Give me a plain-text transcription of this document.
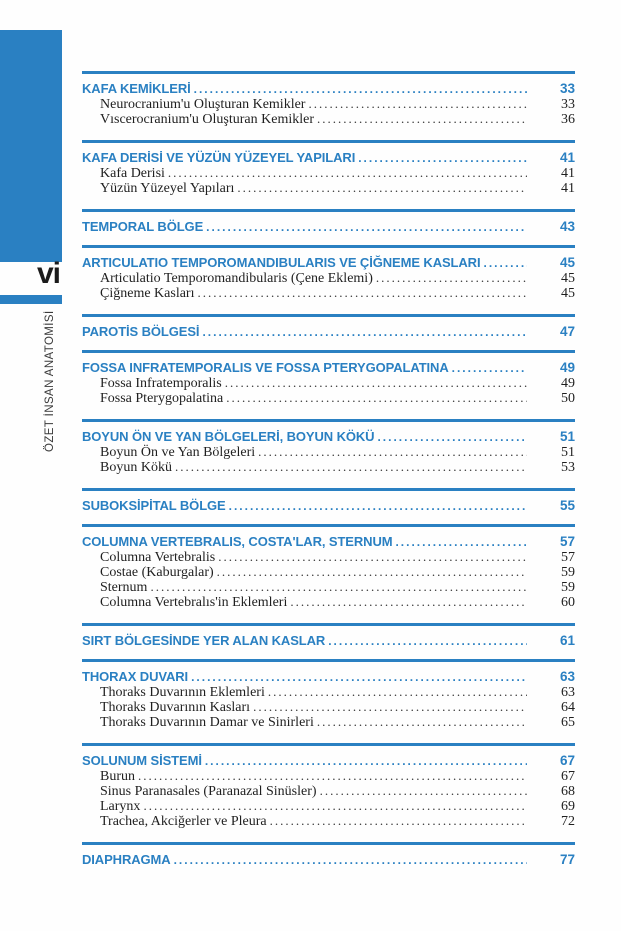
vi
ÖZET İNSAN ANATOMİSİ
KAFA KEMİKLERİ .....	33
Neurocranium'u Oluşturan Kemikler .....	33
Vıscerocranium'u Oluşturan Kemikler .....	36
KAFA DERİSİ VE YÜZÜN YÜZEYEL YAPILARI .....	41
Kafa Derisi .....	41
Yüzün Yüzeyel Yapıları .....	41
TEMPORAL BÖLGE .....	43
ARTICULATIO TEMPOROMANDIBULARIS VE ÇİĞNEME KASLARI .....	45
Articulatio Temporomandibularis (Çene Eklemi) .....	45
Çiğneme Kasları .....	45
PAROTİS BÖLGESİ .....	47
FOSSA INFRATEMPORALIS VE FOSSA PTERYGOPALATINA .....	49
Fossa Infratemporalis .....	49
Fossa Pterygopalatina .....	50
BOYUN ÖN VE YAN BÖLGELERİ, BOYUN KÖKÜ .....	51
Boyun Ön ve Yan Bölgeleri .....	51
Boyun Kökü .....	53
SUBOKSİPİTAL BÖLGE .....	55
COLUMNA VERTEBRALIS, COSTA'LAR, STERNUM .....	57
Columna Vertebralis .....	57
Costae (Kaburgalar) .....	59
Sternum .....	59
Columna Vertebralıs'in Eklemleri .....	60
SIRT BÖLGESİNDE YER ALAN KASLAR .....	61
THORAX DUVARI .....	63
Thoraks Duvarının Eklemleri .....	63
Thoraks Duvarının Kasları .....	64
Thoraks Duvarının Damar ve Sinirleri .....	65
SOLUNUM SİSTEMİ .....	67
Burun .....	67
Sinus Paranasales (Paranazal Sinüsler) .....	68
Larynx .....	69
Trachea, Akciğerler ve Pleura .....	72
DIAPHRAGMA .....	77
